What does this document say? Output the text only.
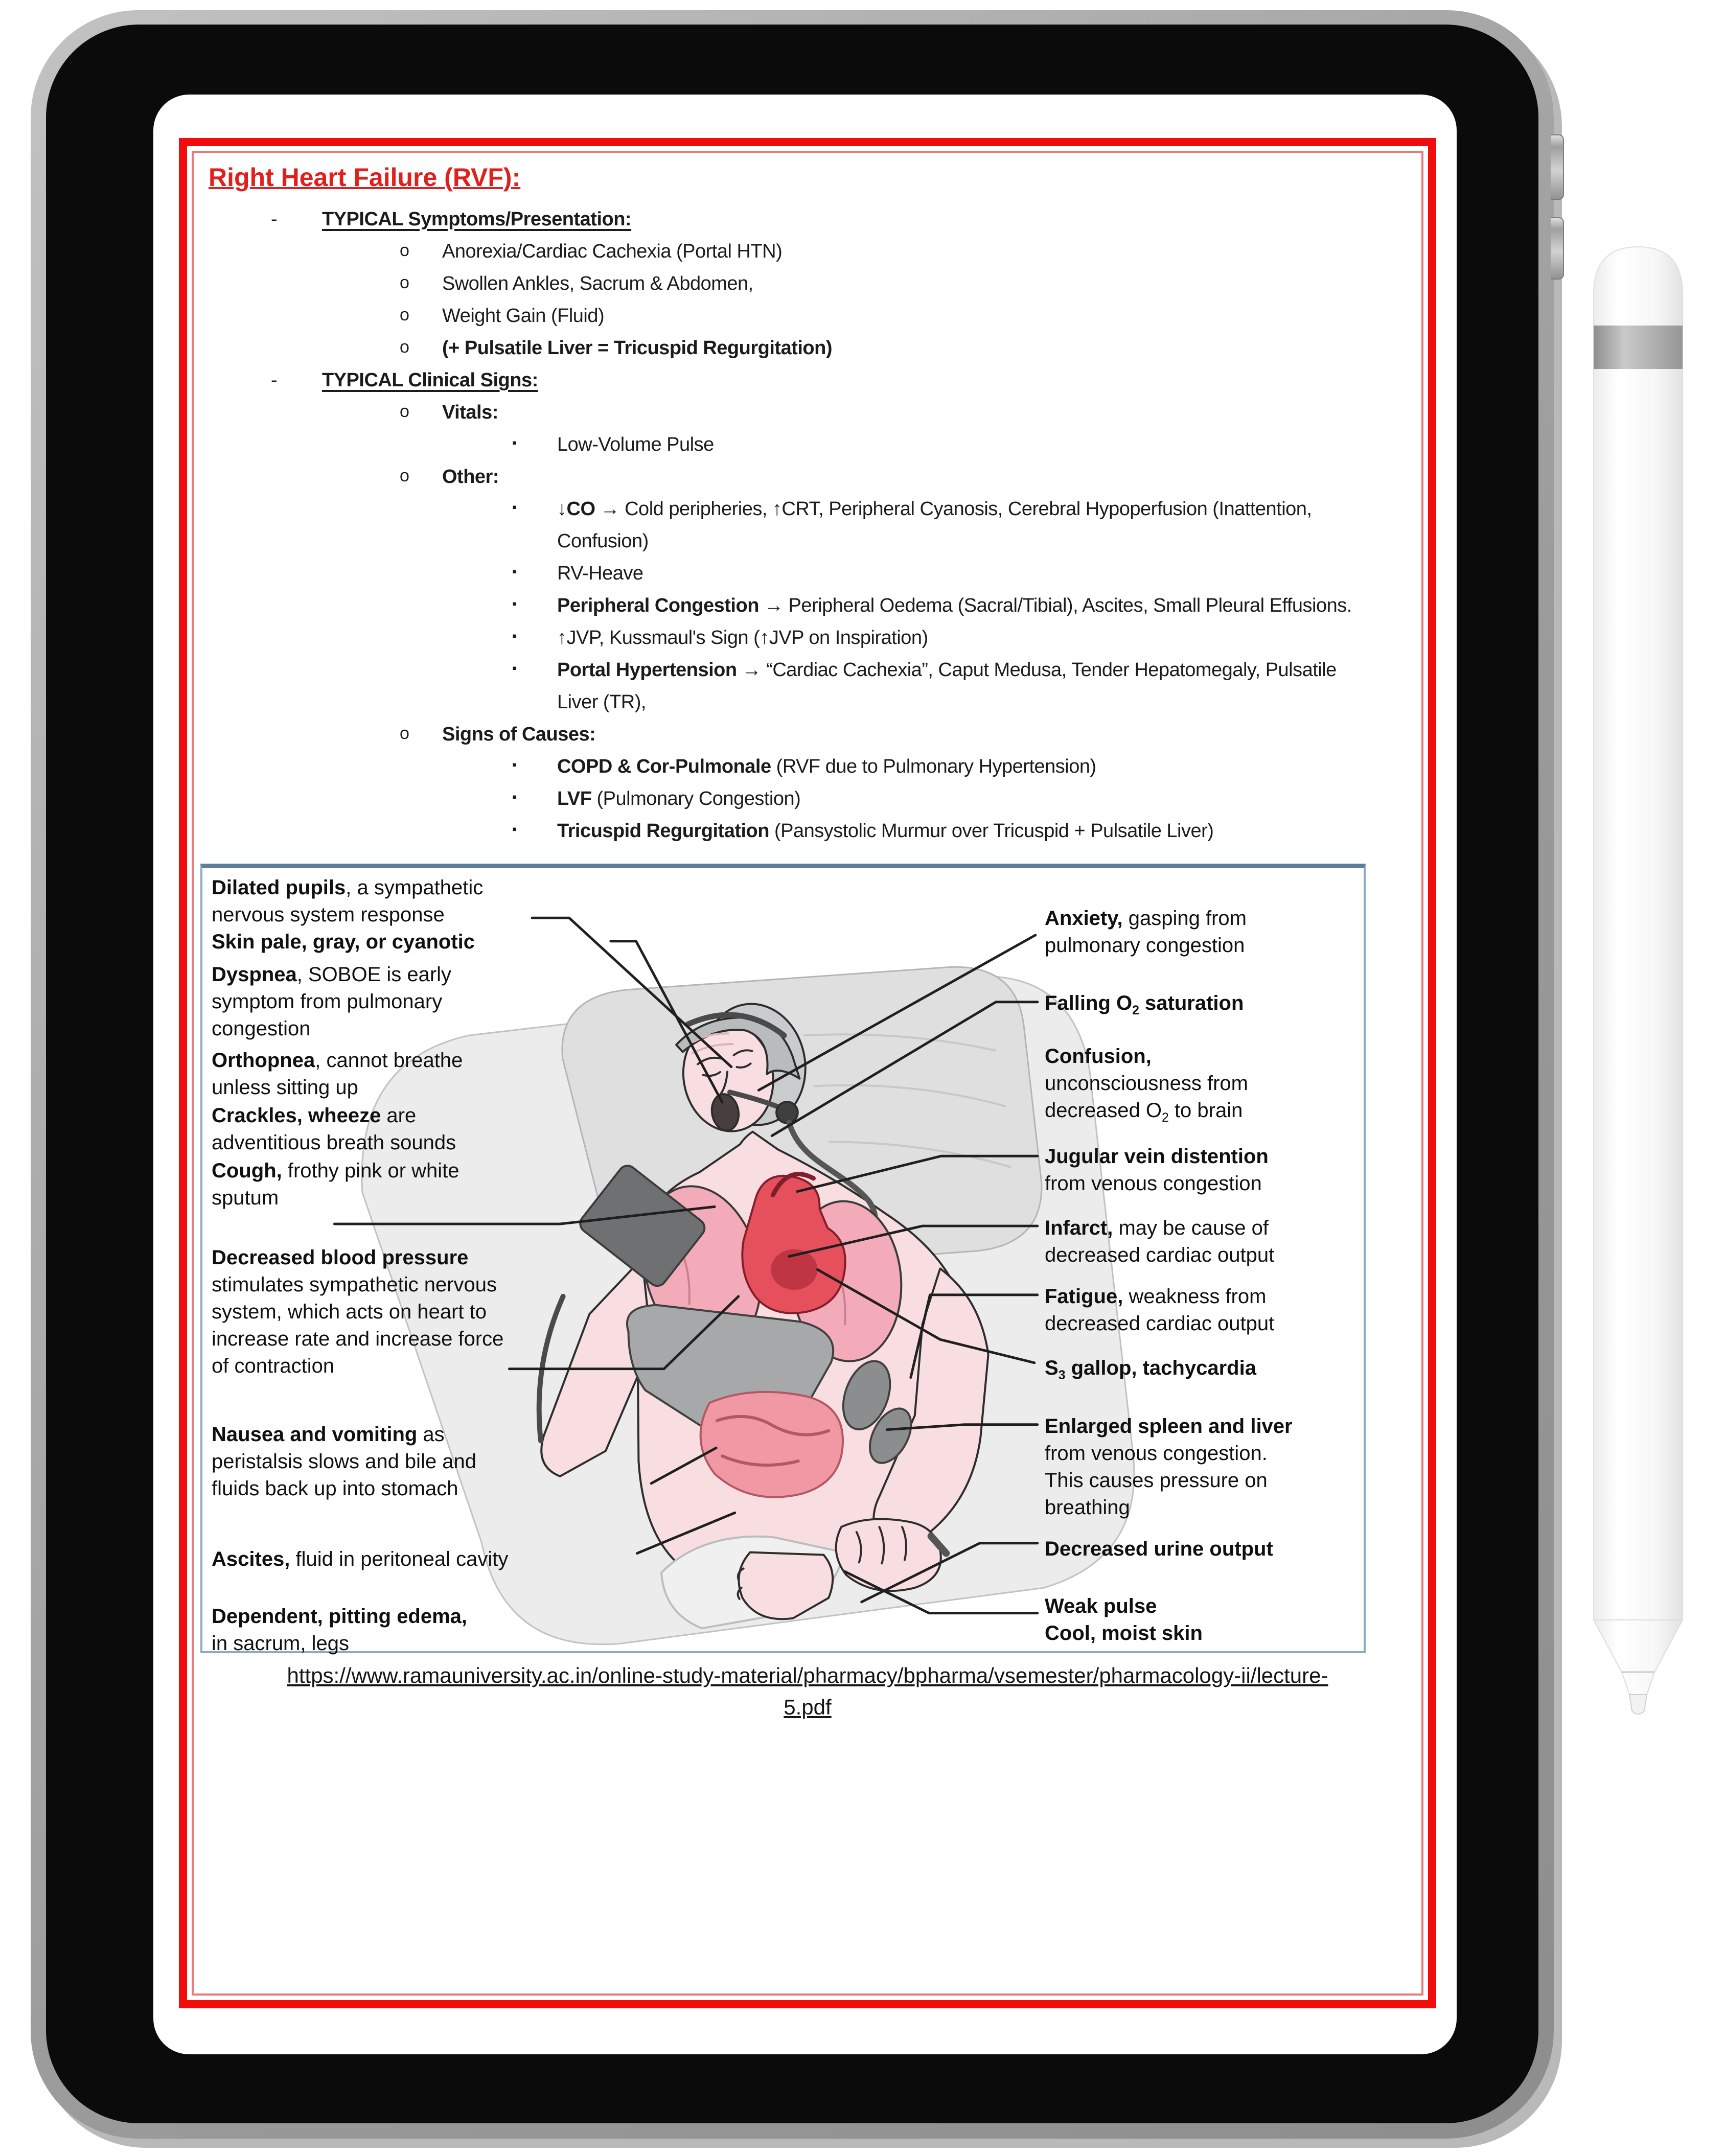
Right Heart Failure (RVF):
- TYPICAL Symptoms/Presentation:
o Anorexia/Cardiac Cachexia (Portal HTN)
o Swollen Ankles, Sacrum & Abdomen,
o Weight Gain (Fluid)
o (+ Pulsatile Liver = Tricuspid Regurgitation)
- TYPICAL Clinical Signs:
o Vitals:
▪ Low-Volume Pulse
o Other:
▪ ↓CO → Cold peripheries, ↑CRT, Peripheral Cyanosis, Cerebral Hypoperfusion (Inattention,
Confusion)
▪ RV-Heave
▪ Peripheral Congestion → Peripheral Oedema (Sacral/Tibial), Ascites, Small Pleural Effusions.
▪ ↑JVP, Kussmaul's Sign (↑JVP on Inspiration)
▪ Portal Hypertension → “Cardiac Cachexia”, Caput Medusa, Tender Hepatomegaly, Pulsatile
Liver (TR),
o Signs of Causes:
▪ COPD & Cor-Pulmonale (RVF due to Pulmonary Hypertension)
▪ LVF (Pulmonary Congestion)
▪ Tricuspid Regurgitation (Pansystolic Murmur over Tricuspid + Pulsatile Liver)
Dilated pupils, a sympathetic
nervous system response
Skin pale, gray, or cyanotic
Dyspnea, SOBOE is early
symptom from pulmonary
congestion
Orthopnea, cannot breathe
unless sitting up
Crackles, wheeze are
adventitious breath sounds
Cough, frothy pink or white
sputum
Decreased blood pressure
stimulates sympathetic nervous
system, which acts on heart to
increase rate and increase force
of contraction
Nausea and vomiting as
peristalsis slows and bile and
fluids back up into stomach
Ascites, fluid in peritoneal cavity
Dependent, pitting edema,
in sacrum, legs
Anxiety, gasping from
pulmonary congestion
Falling $O_2$ saturation
Confusion,
unconsciousness from
decreased $O_2$ to brain
Jugular vein distention
from venous congestion
Infarct, may be cause of
decreased cardiac output
Fatigue, weakness from
decreased cardiac output
$S_3$ gallop, tachycardia
Enlarged spleen and liver
from venous congestion.
This causes pressure on
breathing
Decreased urine output
Weak pulse
Cool, moist skin
https://www.ramauniversity.ac.in/online-study-material/pharmacy/bpharma/vsemester/pharmacology-ii/lecture-
5.pdf
